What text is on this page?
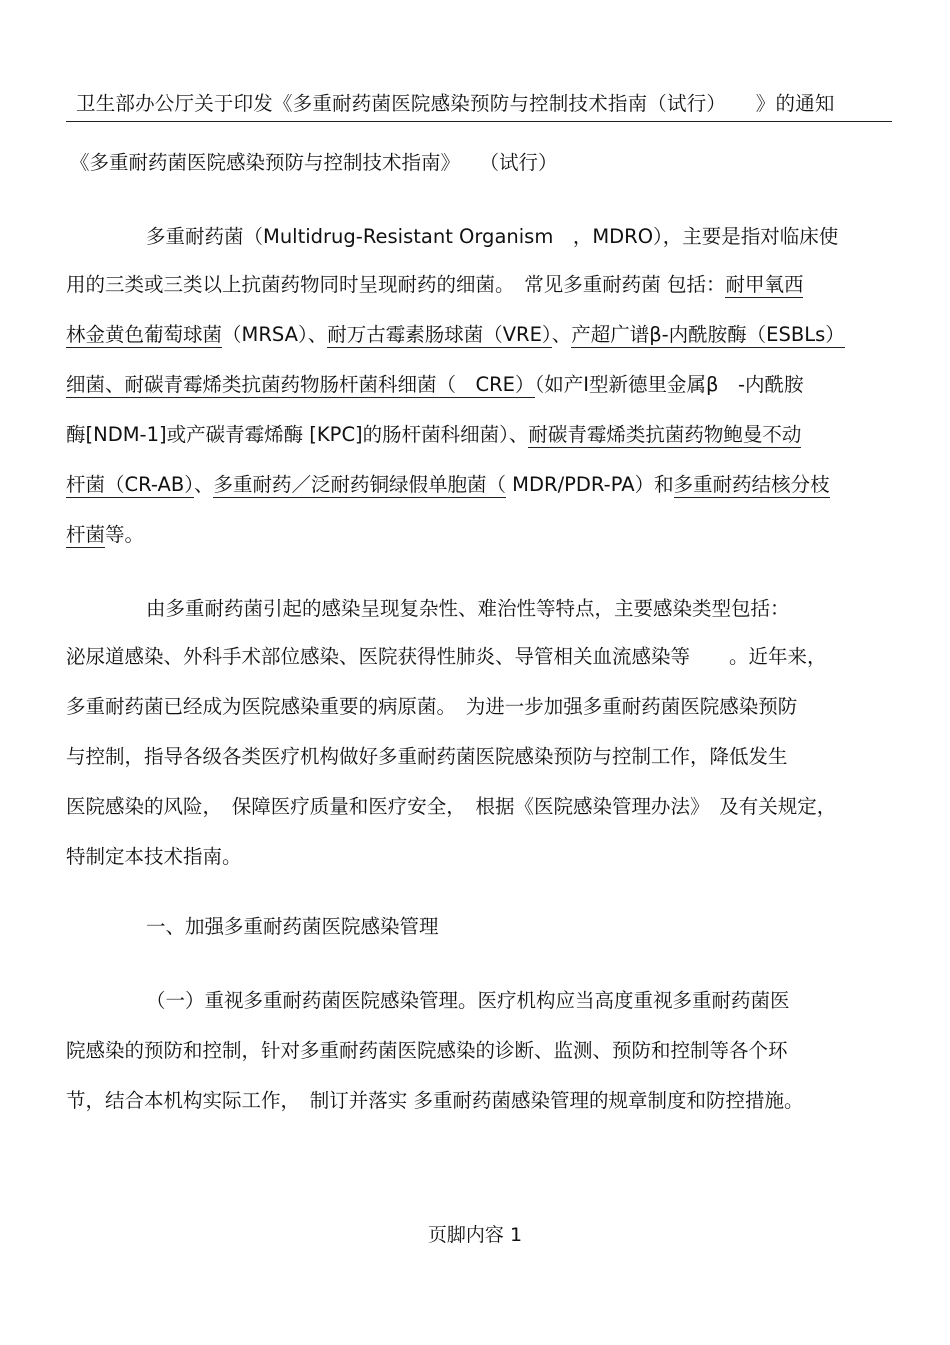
卫生部办公厅关于印发《多重耐药菌医院感染预防与控制技术指南（试行）　　》的通知
《多重耐药菌医院感染预防与控制技术指南》　　（试行）
多重耐药菌（Multidrug-Resistant Organism　，MDRO），主要是指对临床使
用的三类或三类以上抗菌药物同时呈现耐药的细菌。　常见多重耐药菌 包括：耐甲氧西
林金黄色葡萄球菌（MRSA）、耐万古霉素肠球菌（VRE）、产超广谱β-内酰胺酶（ESBLs）
细菌、耐碳青霉烯类抗菌药物肠杆菌科细菌（　CRE）（如产Ⅰ型新德里金属β　-内酰胺
酶[NDM-1]或产碳青霉烯酶 [KPC]的肠杆菌科细菌）、耐碳青霉烯类抗菌药物鲍曼不动
杆菌（CR-AB）、多重耐药／泛耐药铜绿假单胞菌（ MDR/PDR-PA）和多重耐药结核分枝
杆菌等。
由多重耐药菌引起的感染呈现复杂性、难治性等特点，主要感染类型包括：
泌尿道感染、外科手术部位感染、医院获得性肺炎、导管相关血流感染等　　。近年来，
多重耐药菌已经成为医院感染重要的病原菌。　为进一步加强多重耐药菌医院感染预防
与控制，指导各级各类医疗机构做好多重耐药菌医院感染预防与控制工作，降低发生
医院感染的风险，　保障医疗质量和医疗安全，　根据《医院感染管理办法》　及有关规定，
特制定本技术指南。
一、加强多重耐药菌医院感染管理
（一）重视多重耐药菌医院感染管理。医疗机构应当高度重视多重耐药菌医
院感染的预防和控制，针对多重耐药菌医院感染的诊断、监测、预防和控制等各个环
节，结合本机构实际工作，　制订并落实 多重耐药菌感染管理的规章制度和防控措施。
页脚内容 1
